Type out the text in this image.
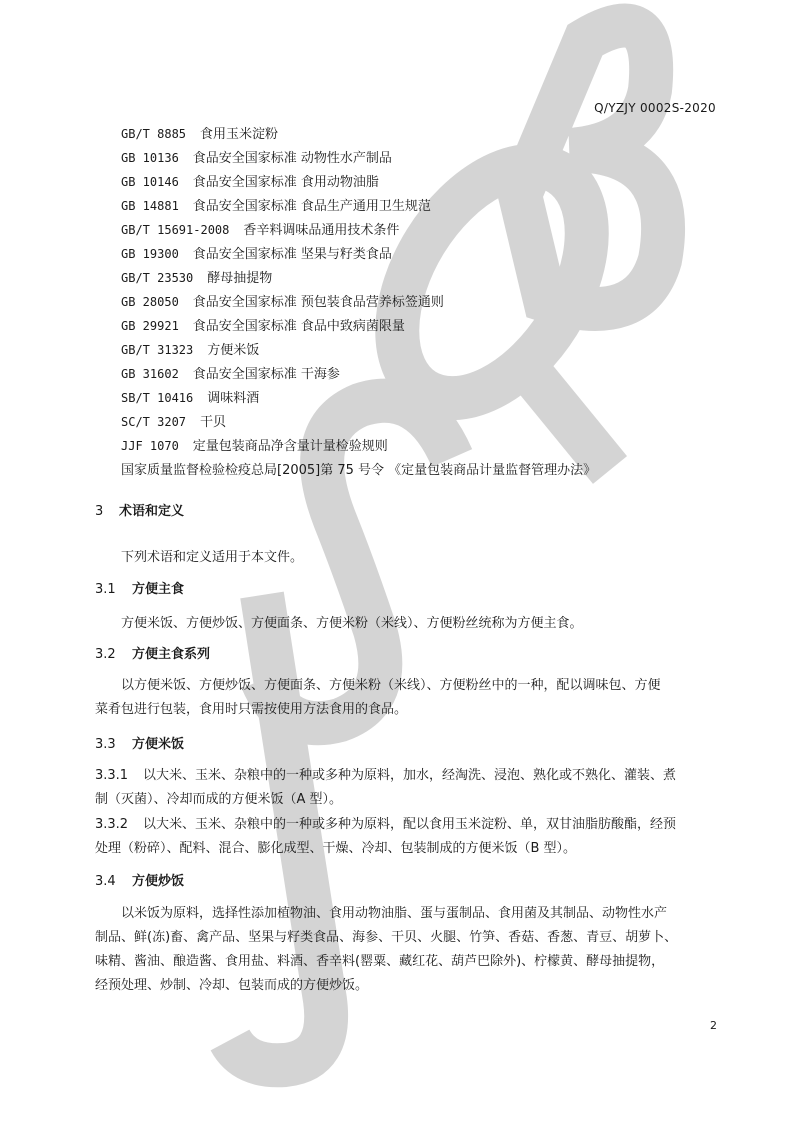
Q/YZJY 0002S-2020
GB/T 8885 食用玉米淀粉
GB 10136 食品安全国家标准 动物性水产制品
GB 10146 食品安全国家标准 食用动物油脂
GB 14881 食品安全国家标准 食品生产通用卫生规范
GB/T 15691-2008 香辛料调味品通用技术条件
GB 19300 食品安全国家标准 坚果与籽类食品
GB/T 23530 酵母抽提物
GB 28050 食品安全国家标准 预包装食品营养标签通则
GB 29921 食品安全国家标准 食品中致病菌限量
GB/T 31323 方便米饭
GB 31602 食品安全国家标准 干海参
SB/T 10416 调味料酒
SC/T 3207 干贝
JJF 1070 定量包装商品净含量计量检验规则
国家质量监督检验检疫总局[2005]第 75 号令 《定量包装商品计量监督管理办法》
3 术语和定义
下列术语和定义适用于本文件。
3.1 方便主食
方便米饭、方便炒饭、方便面条、方便米粉（米线）、方便粉丝统称为方便主食。
3.2 方便主食系列
以方便米饭、方便炒饭、方便面条、方便米粉（米线）、方便粉丝中的一种，配以调味包、方便
菜肴包进行包装，食用时只需按使用方法食用的食品。
3.3 方便米饭
3.3.1 以大米、玉米、杂粮中的一种或多种为原料，加水，经淘洗、浸泡、熟化或不熟化、灌装、煮
制（灭菌）、冷却而成的方便米饭（A 型）。
3.3.2 以大米、玉米、杂粮中的一种或多种为原料，配以食用玉米淀粉、单，双甘油脂肪酸酯，经预
处理（粉碎）、配料、混合、膨化成型、干燥、冷却、包装制成的方便米饭（B 型）。
3.4 方便炒饭
以米饭为原料，选择性添加植物油、食用动物油脂、蛋与蛋制品、食用菌及其制品、动物性水产
制品、鲜(冻)畜、禽产品、坚果与籽类食品、海参、干贝、火腿、竹笋、香菇、香葱、青豆、胡萝卜、
味精、酱油、酿造酱、食用盐、料酒、香辛料(罂粟、藏红花、葫芦巴除外)、柠檬黄、酵母抽提物，
经预处理、炒制、冷却、包装而成的方便炒饭。
2
